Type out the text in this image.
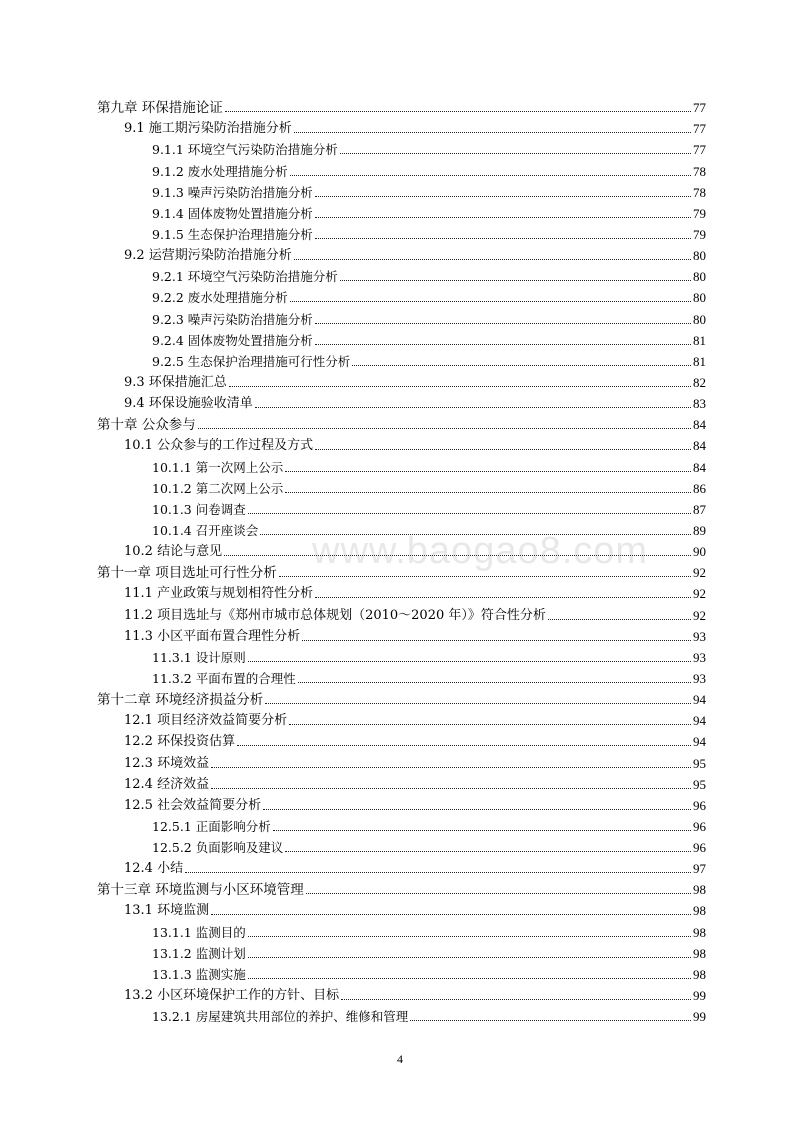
第九章 环保措施论证	77
9.1 施工期污染防治措施分析	77
9.1.1 环境空气污染防治措施分析	77
9.1.2 废水处理措施分析	78
9.1.3 噪声污染防治措施分析	78
9.1.4 固体废物处置措施分析	79
9.1.5 生态保护治理措施分析	79
9.2 运营期污染防治措施分析	80
9.2.1 环境空气污染防治措施分析	80
9.2.2 废水处理措施分析	80
9.2.3 噪声污染防治措施分析	80
9.2.4 固体废物处置措施分析	81
9.2.5 生态保护治理措施可行性分析	81
9.3 环保措施汇总	82
9.4 环保设施验收清单	83
第十章 公众参与	84
10.1 公众参与的工作过程及方式	84
10.1.1 第一次网上公示	84
10.1.2 第二次网上公示	86
10.1.3 问卷调查	87
10.1.4 召开座谈会	89
10.2 结论与意见	90
第十一章 项目选址可行性分析	92
11.1 产业政策与规划相符性分析	92
11.2 项目选址与《郑州市城市总体规划（2010～2020 年）》符合性分析	92
11.3 小区平面布置合理性分析	93
11.3.1 设计原则	93
11.3.2 平面布置的合理性	93
第十二章 环境经济损益分析	94
12.1 项目经济效益简要分析	94
12.2 环保投资估算	94
12.3 环境效益	95
12.4 经济效益	95
12.5 社会效益简要分析	96
12.5.1 正面影响分析	96
12.5.2 负面影响及建议	96
12.4 小结	97
第十三章 环境监测与小区环境管理	98
13.1 环境监测	98
13.1.1 监测目的	98
13.1.2 监测计划	98
13.1.3 监测实施	98
13.2 小区环境保护工作的方针、目标	99
13.2.1 房屋建筑共用部位的养护、维修和管理	99
www.baogao8.com
4
